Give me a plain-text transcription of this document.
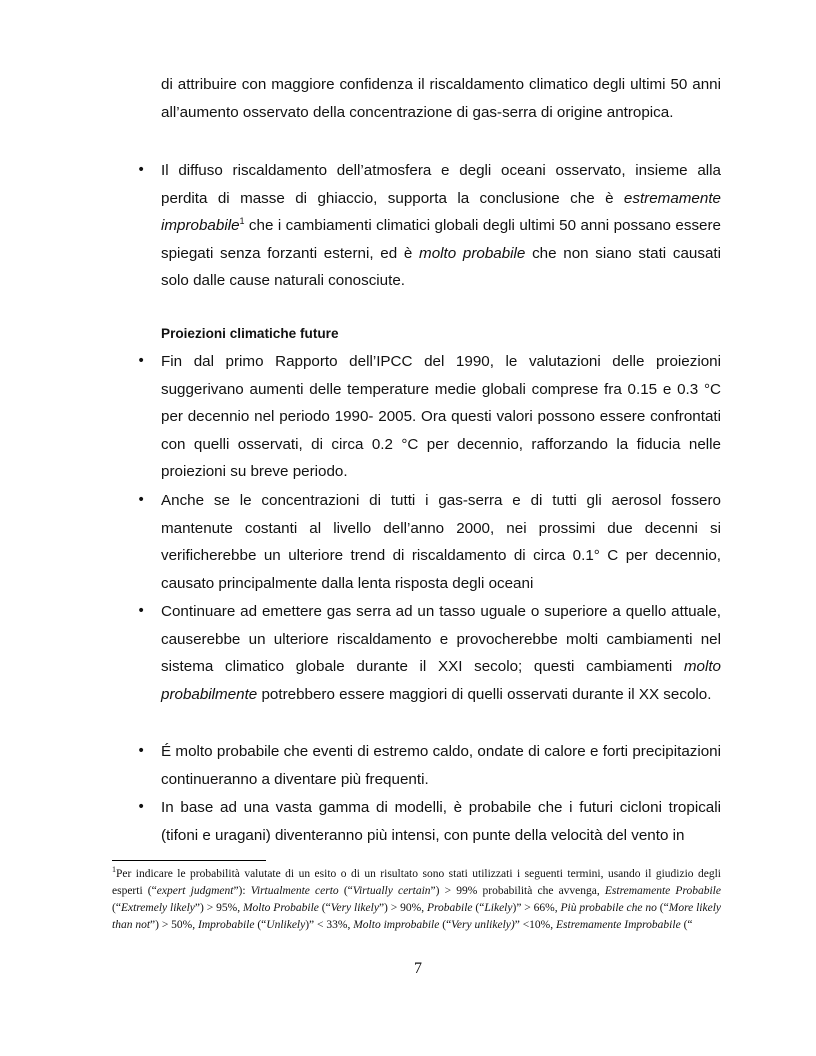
di attribuire con maggiore confidenza il riscaldamento climatico degli ultimi 50 anni all’aumento osservato della concentrazione di gas-serra di origine antropica.

• Il diffuso riscaldamento dell’atmosfera e degli oceani osservato, insieme alla perdita di masse di ghiaccio, supporta la conclusione che è estremamente improbabile$^1$ che i cambiamenti climatici globali degli ultimi 50 anni possano essere spiegati senza forzanti esterni, ed è molto probabile che non siano stati causati solo dalle cause naturali conosciute.

Proiezioni climatiche future
• Fin dal primo Rapporto dell’IPCC del 1990, le valutazioni delle proiezioni suggerivano aumenti delle temperature medie globali comprese fra 0.15 e 0.3 °C per decennio nel periodo 1990- 2005. Ora questi valori possono essere confrontati con quelli osservati, di circa 0.2 °C per decennio, rafforzando la fiducia nelle proiezioni su breve periodo.

• Anche se le concentrazioni di tutti i gas-serra e di tutti gli aerosol fossero mantenute costanti al livello dell’anno 2000, nei prossimi due decenni si verificherebbe un ulteriore trend di riscaldamento di circa 0.1° C per decennio, causato principalmente dalla lenta risposta degli oceani

• Continuare ad emettere gas serra ad un tasso uguale o superiore a quello attuale, causerebbe un ulteriore riscaldamento e provocherebbe molti cambiamenti nel sistema climatico globale durante il XXI secolo; questi cambiamenti molto probabilmente potrebbero essere maggiori di quelli osservati durante il XX secolo.

• É molto probabile che eventi di estremo caldo, ondate di calore e forti precipitazioni continueranno a diventare più frequenti.

• In base ad una vasta gamma di modelli, è probabile che i futuri cicloni tropicali (tifoni e uragani) diventeranno più intensi, con punte della velocità del vento in

$^1$Per indicare le probabilità valutate di un esito o di un risultato sono stati utilizzati i seguenti termini, usando il giudizio degli esperti (“expert judgment”): Virtualmente certo (“Virtually certain”) > 99% probabilità che avvenga, Estremamente Probabile (“Extremely likely”) > 95%, Molto Probabile (“Very likely”) > 90%, Probabile (“Likely)” > 66%, Più probabile che no (“More likely than not”) > 50%, Improbabile (“Unlikely)” < 33%, Molto improbabile (“Very unlikely)” <10%, Estremamente Improbabile (“

7
